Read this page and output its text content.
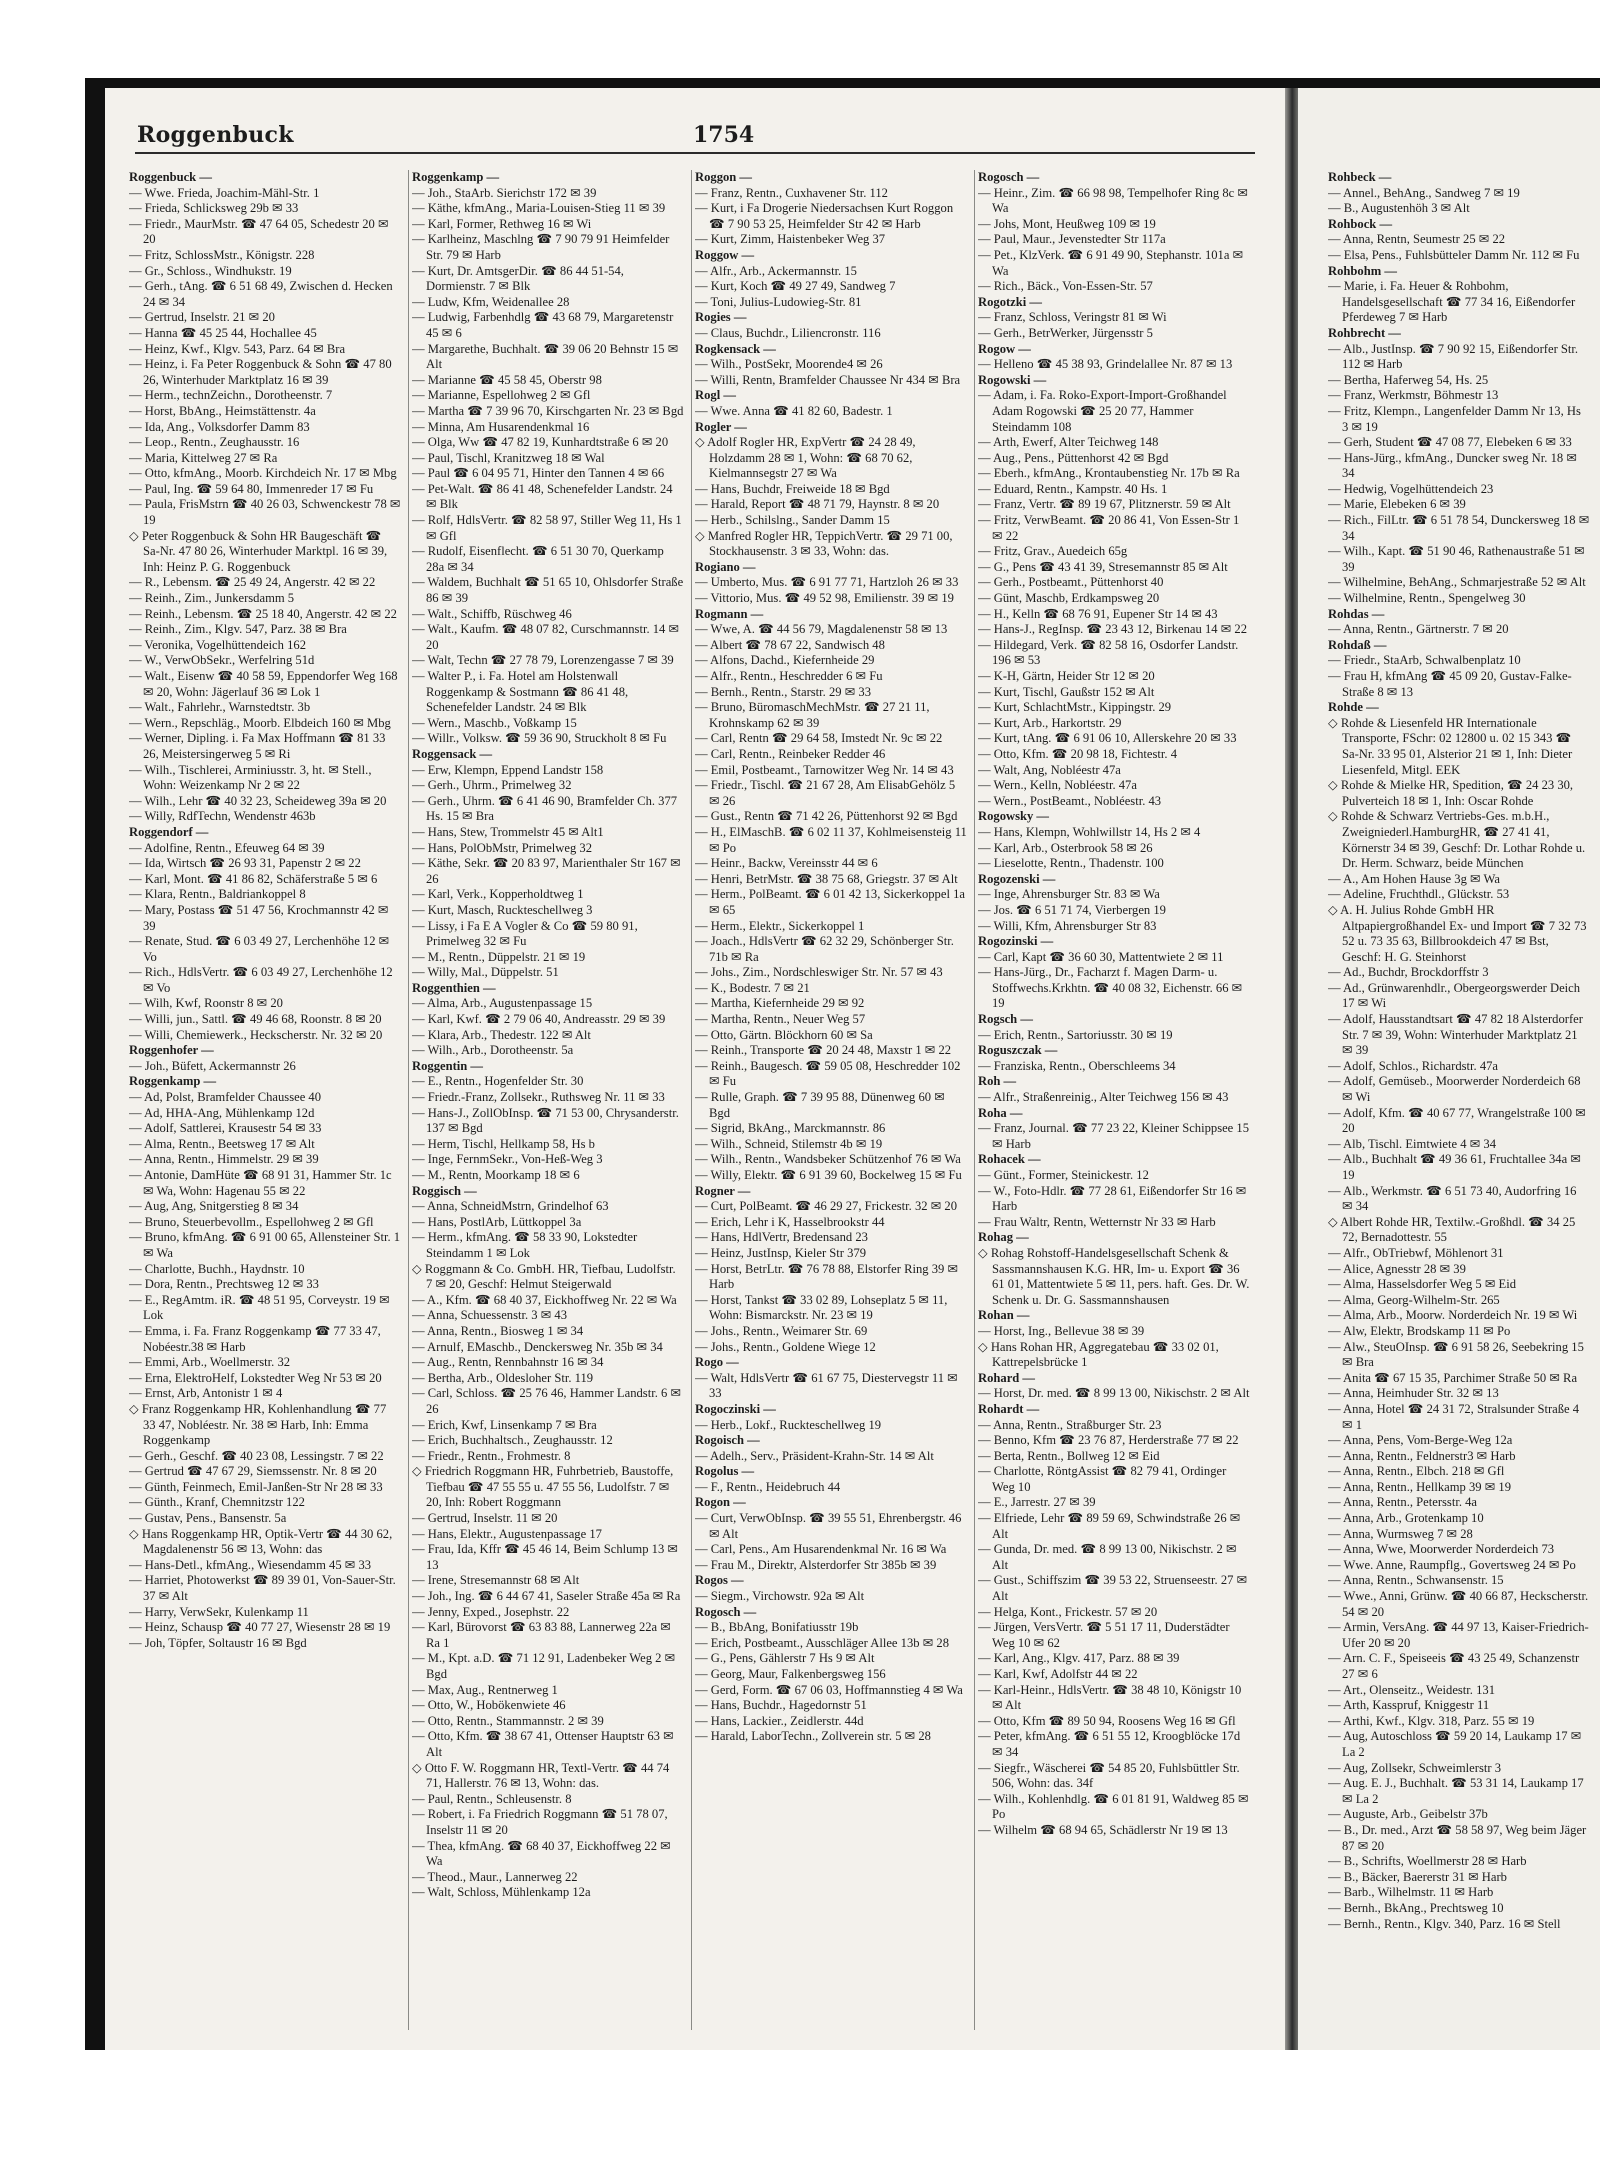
Roggenbuck	1754
Roggenbuck —
— Wwe. Frieda, Joachim-Mähl-Str. 1
— Frieda, Schlicksweg 29b ✉ 33
— Friedr., MaurMstr. ☎ 47 64 05, Schedestr 20 ✉ 20
— Fritz, SchlossMstr., Königstr. 228
— Gr., Schloss., Windhukstr. 19
— Gerh., tAng. ☎ 6 51 68 49, Zwischen d. Hecken 24 ✉ 34
— Gertrud, Inselstr. 21 ✉ 20
— Hanna ☎ 45 25 44, Hochallee 45
— Heinz, Kwf., Klgv. 543, Parz. 64 ✉ Bra
— Heinz, i. Fa Peter Roggenbuck & Sohn ☎ 47 80 26, Winterhuder Marktplatz 16 ✉ 39
— Herm., technZeichn., Dorotheenstr. 7
— Horst, BbAng., Heimstättenstr. 4a
— Ida, Ang., Volksdorfer Damm 83
— Leop., Rentn., Zeughausstr. 16
— Maria, Kittelweg 27 ✉ Ra
— Otto, kfmAng., Moorb. Kirchdeich Nr. 17 ✉ Mbg
— Paul, Ing. ☎ 59 64 80, Immenreder 17 ✉ Fu
— Paula, FrisMstrn ☎ 40 26 03, Schwenckestr 78 ✉ 19
◇ Peter Roggenbuck & Sohn HR Baugeschäft ☎ Sa-Nr. 47 80 26, Winterhuder Marktpl. 16 ✉ 39, Inh: Heinz P. G. Roggenbuck
— R., Lebensm. ☎ 25 49 24, Angerstr. 42 ✉ 22
— Reinh., Zim., Junkersdamm 5
— Reinh., Lebensm. ☎ 25 18 40, Angerstr. 42 ✉ 22
— Reinh., Zim., Klgv. 547, Parz. 38 ✉ Bra
— Veronika, Vogelhüttendeich 162
— W., VerwObSekr., Werfelring 51d
— Walt., Eisenw ☎ 40 58 59, Eppendorfer Weg 168 ✉ 20, Wohn: Jägerlauf 36 ✉ Lok 1
— Walt., Fahrlehr., Warnstedtstr. 3b
— Wern., Repschläg., Moorb. Elbdeich 160 ✉ Mbg
— Werner, Dipling. i. Fa Max Hoffmann ☎ 81 33 26, Meistersingerweg 5 ✉ Ri
— Wilh., Tischlerei, Arminiusstr. 3, ht. ✉ Stell., Wohn: Weizenkamp Nr 2 ✉ 22
— Wilh., Lehr ☎ 40 32 23, Scheideweg 39a ✉ 20
— Willy, RdfTechn, Wendenstr 463b
Roggendorf —
— Adolfine, Rentn., Efeuweg 64 ✉ 39
— Ida, Wirtsch ☎ 26 93 31, Papenstr 2 ✉ 22
— Karl, Mont. ☎ 41 86 82, Schäferstraße 5 ✉ 6
— Klara, Rentn., Baldriankoppel 8
— Mary, Postass ☎ 51 47 56, Krochmannstr 42 ✉ 39
— Renate, Stud. ☎ 6 03 49 27, Lerchenhöhe 12 ✉ Vo
— Rich., HdlsVertr. ☎ 6 03 49 27, Lerchenhöhe 12 ✉ Vo
— Wilh, Kwf, Roonstr 8 ✉ 20
— Willi, jun., Sattl. ☎ 49 46 68, Roonstr. 8 ✉ 20
— Willi, Chemiewerk., Heckscherstr. Nr. 32 ✉ 20
Roggenhofer —
— Joh., Büfett, Ackermannstr 26
Roggenkamp —
— Ad, Polst, Bramfelder Chaussee 40
— Ad, HHA-Ang, Mühlenkamp 12d
— Adolf, Sattlerei, Krausestr 54 ✉ 33
— Alma, Rentn., Beetsweg 17 ✉ Alt
— Anna, Rentn., Himmelstr. 29 ✉ 39
— Antonie, DamHüte ☎ 68 91 31, Hammer Str. 1c ✉ Wa, Wohn: Hagenau 55 ✉ 22
— Aug, Ang, Snitgerstieg 8 ✉ 34
— Bruno, Steuerbevollm., Espellohweg 2 ✉ Gfl
— Bruno, kfmAng. ☎ 6 91 00 65, Allensteiner Str. 1 ✉ Wa
— Charlotte, Buchh., Haydnstr. 10
— Dora, Rentn., Prechtsweg 12 ✉ 33
— E., RegAmtm. iR. ☎ 48 51 95, Corveystr. 19 ✉ Lok
— Emma, i. Fa. Franz Roggenkamp ☎ 77 33 47, Nobéestr.38 ✉ Harb
— Emmi, Arb., Woellmerstr. 32
— Erna, ElektroHelf, Lokstedter Weg Nr 53 ✉ 20
— Ernst, Arb, Antonistr 1 ✉ 4
◇ Franz Roggenkamp HR, Kohlenhandlung ☎ 77 33 47, Nobléestr. Nr. 38 ✉ Harb, Inh: Emma Roggenkamp
— Gerh., Geschf. ☎ 40 23 08, Lessingstr. 7 ✉ 22
— Gertrud ☎ 47 67 29, Siemssenstr. Nr. 8 ✉ 20
— Günth, Feinmech, Emil-Janßen-Str Nr 28 ✉ 33
— Günth., Kranf, Chemnitzstr 122
— Gustav, Pens., Bansenstr. 5a
◇ Hans Roggenkamp HR, Optik-Vertr ☎ 44 30 62, Magdalenenstr 56 ✉ 13, Wohn: das
— Hans-Detl., kfmAng., Wiesendamm 45 ✉ 33
— Harriet, Photowerkst ☎ 89 39 01, Von-Sauer-Str. 37 ✉ Alt
— Harry, VerwSekr, Kulenkamp 11
— Heinz, Schausp ☎ 40 77 27, Wiesenstr 28 ✉ 19
— Joh, Töpfer, Soltaustr 16 ✉ Bgd
Roggenkamp —
— Joh., StaArb. Sierichstr 172 ✉ 39
— Käthe, kfmAng., Maria-Louisen-Stieg 11 ✉ 39
— Karl, Former, Rethweg 16 ✉ Wi
— Karlheinz, Maschlng ☎ 7 90 79 91 Heimfelder Str. 79 ✉ Harb
— Kurt, Dr. AmtsgerDir. ☎ 86 44 51-54, Dormienstr. 7 ✉ Blk
— Ludw, Kfm, Weidenallee 28
— Ludwig, Farbenhdlg ☎ 43 68 79, Margaretenstr 45 ✉ 6
— Margarethe, Buchhalt. ☎ 39 06 20 Behnstr 15 ✉ Alt
— Marianne ☎ 45 58 45, Oberstr 98
— Marianne, Espellohweg 2 ✉ Gfl
— Martha ☎ 7 39 96 70, Kirschgarten Nr. 23 ✉ Bgd
— Minna, Am Husarendenkmal 16
— Olga, Ww ☎ 47 82 19, Kunhardtstraße 6 ✉ 20
— Paul, Tischl, Kranitzweg 18 ✉ Wal
— Paul ☎ 6 04 95 71, Hinter den Tannen 4 ✉ 66
— Pet-Walt. ☎ 86 41 48, Schenefelder Landstr. 24 ✉ Blk
— Rolf, HdlsVertr. ☎ 82 58 97, Stiller Weg 11, Hs 1 ✉ Gfl
— Rudolf, Eisenflecht. ☎ 6 51 30 70, Querkamp 28a ✉ 34
— Waldem, Buchhalt ☎ 51 65 10, Ohlsdorfer Straße 86 ✉ 39
— Walt., Schiffb, Rüschweg 46
— Walt., Kaufm. ☎ 48 07 82, Curschmannstr. 14 ✉ 20
— Walt, Techn ☎ 27 78 79, Lorenzengasse 7 ✉ 39
— Walter P., i. Fa. Hotel am Holstenwall Roggenkamp & Sostmann ☎ 86 41 48, Schenefelder Landstr. 24 ✉ Blk
— Wern., Maschb., Voßkamp 15
— Willr., Volksw. ☎ 59 36 90, Struckholt 8 ✉ Fu
Roggensack —
— Erw, Klempn, Eppend Landstr 158
— Gerh., Uhrm., Primelweg 32
— Gerh., Uhrm. ☎ 6 41 46 90, Bramfelder Ch. 377 Hs. 15 ✉ Bra
— Hans, Stew, Trommelstr 45 ✉ Alt1
— Hans, PolObMstr, Primelweg 32
— Käthe, Sekr. ☎ 20 83 97, Marienthaler Str 167 ✉ 26
— Karl, Verk., Kopperholdtweg 1
— Kurt, Masch, Ruckteschellweg 3
— Lissy, i Fa E A Vogler & Co ☎ 59 80 91, Primelweg 32 ✉ Fu
— M., Rentn., Düppelstr. 21 ✉ 19
— Willy, Mal., Düppelstr. 51
Roggenthien —
— Alma, Arb., Augustenpassage 15
— Karl, Kwf. ☎ 2 79 06 40, Andreasstr. 29 ✉ 39
— Klara, Arb., Thedestr. 122 ✉ Alt
— Wilh., Arb., Dorotheenstr. 5a
Roggentin —
— E., Rentn., Hogenfelder Str. 30
— Friedr.-Franz, Zollsekr., Ruthsweg Nr. 11 ✉ 33
— Hans-J., ZollObInsp. ☎ 71 53 00, Chrysanderstr. 137 ✉ Bgd
— Herm, Tischl, Hellkamp 58, Hs b
— Inge, FernmSekr., Von-Heß-Weg 3
— M., Rentn, Moorkamp 18 ✉ 6
Roggisch —
— Anna, SchneidMstrn, Grindelhof 63
— Hans, PostlArb, Lüttkoppel 3a
— Herm., kfmAng. ☎ 58 33 90, Lokstedter Steindamm 1 ✉ Lok
◇ Roggmann & Co. GmbH. HR, Tiefbau, Ludolfstr. 7 ✉ 20, Geschf: Helmut Steigerwald
— A., Kfm. ☎ 68 40 37, Eickhoffweg Nr. 22 ✉ Wa
— Anna, Schuessenstr. 3 ✉ 43
— Anna, Rentn., Biosweg 1 ✉ 34
— Arnulf, EMaschb., Denckersweg Nr. 35b ✉ 34
— Aug., Rentn, Rennbahnstr 16 ✉ 34
— Bertha, Arb., Oldesloher Str. 119
— Carl, Schloss. ☎ 25 76 46, Hammer Landstr. 6 ✉ 26
— Erich, Kwf, Linsenkamp 7 ✉ Bra
— Erich, Buchhaltsch., Zeughausstr. 12
— Friedr., Rentn., Frohmestr. 8
◇ Friedrich Roggmann HR, Fuhrbetrieb, Baustoffe, Tiefbau ☎ 47 55 55 u. 47 55 56, Ludolfstr. 7 ✉ 20, Inh: Robert Roggmann
— Gertrud, Inselstr. 11 ✉ 20
— Hans, Elektr., Augustenpassage 17
— Frau, Ida, Kffr ☎ 45 46 14, Beim Schlump 13 ✉ 13
— Irene, Stresemannstr 68 ✉ Alt
— Joh., Ing. ☎ 6 44 67 41, Saseler Straße 45a ✉ Ra
— Jenny, Exped., Josephstr. 22
— Karl, Bürovorst ☎ 63 83 88, Lannerweg 22a ✉ Ra 1
— M., Kpt. a.D. ☎ 71 12 91, Ladenbeker Weg 2 ✉ Bgd
— Max, Aug., Rentnerweg 1
— Otto, W., Hobökenwiete 46
— Otto, Rentn., Stammannstr. 2 ✉ 39
— Otto, Kfm. ☎ 38 67 41, Ottenser Hauptstr 63 ✉ Alt
◇ Otto F. W. Roggmann HR, Textl-Vertr. ☎ 44 74 71, Hallerstr. 76 ✉ 13, Wohn: das.
— Paul, Rentn., Schleusenstr. 8
— Robert, i. Fa Friedrich Roggmann ☎ 51 78 07, Inselstr 11 ✉ 20
— Thea, kfmAng. ☎ 68 40 37, Eickhoffweg 22 ✉ Wa
— Theod., Maur., Lannerweg 22
— Walt, Schloss, Mühlenkamp 12a
Roggon —
— Franz, Rentn., Cuxhavener Str. 112
— Kurt, i Fa Drogerie Niedersachsen Kurt Roggon ☎ 7 90 53 25, Heimfelder Str 42 ✉ Harb
— Kurt, Zimm, Haistenbeker Weg 37
Roggow —
— Alfr., Arb., Ackermannstr. 15
— Kurt, Koch ☎ 49 27 49, Sandweg 7
— Toni, Julius-Ludowieg-Str. 81
Rogies —
— Claus, Buchdr., Liliencronstr. 116
Rogkensack —
— Wilh., PostSekr, Moorende4 ✉ 26
— Willi, Rentn, Bramfelder Chaussee Nr 434 ✉ Bra
Rogl —
— Wwe. Anna ☎ 41 82 60, Badestr. 1
Rogler —
◇ Adolf Rogler HR, ExpVertr ☎ 24 28 49, Holzdamm 28 ✉ 1, Wohn: ☎ 68 70 62, Kielmannsegstr 27 ✉ Wa
— Hans, Buchdr, Freiweide 18 ✉ Bgd
— Harald, Report ☎ 48 71 79, Haynstr. 8 ✉ 20
— Herb., Schilslng., Sander Damm 15
◇ Manfred Rogler HR, TeppichVertr. ☎ 29 71 00, Stockhausenstr. 3 ✉ 33, Wohn: das.
Rogiano —
— Umberto, Mus. ☎ 6 91 77 71, Hartzloh 26 ✉ 33
— Vittorio, Mus. ☎ 49 52 98, Emilienstr. 39 ✉ 19
Rogmann —
— Wwe, A. ☎ 44 56 79, Magdalenenstr 58 ✉ 13
— Albert ☎ 78 67 22, Sandwisch 48
— Alfons, Dachd., Kiefernheide 29
— Alfr., Rentn., Heschredder 6 ✉ Fu
— Bernh., Rentn., Starstr. 29 ✉ 33
— Bruno, BüromaschMechMstr. ☎ 27 21 11, Krohnskamp 62 ✉ 39
— Carl, Rentn ☎ 29 64 58, Imstedt Nr. 9c ✉ 22
— Carl, Rentn., Reinbeker Redder 46
— Emil, Postbeamt., Tarnowitzer Weg Nr. 14 ✉ 43
— Friedr., Tischl. ☎ 21 67 28, Am ElisabGehölz 5 ✉ 26
— Gust., Rentn ☎ 71 42 26, Püttenhorst 92 ✉ Bgd
— H., ElMaschB. ☎ 6 02 11 37, Kohlmeisensteig 11 ✉ Po
— Heinr., Backw, Vereinsstr 44 ✉ 6
— Henri, BetrMstr. ☎ 38 75 68, Griegstr. 37 ✉ Alt
— Herm., PolBeamt. ☎ 6 01 42 13, Sickerkoppel 1a ✉ 65
— Herm., Elektr., Sickerkoppel 1
— Joach., HdlsVertr ☎ 62 32 29, Schönberger Str. 71b ✉ Ra
— Johs., Zim., Nordschleswiger Str. Nr. 57 ✉ 43
— K., Bodestr. 7 ✉ 21
— Martha, Kiefernheide 29 ✉ 92
— Martha, Rentn., Neuer Weg 57
— Otto, Gärtn. Blöckhorn 60 ✉ Sa
— Reinh., Transporte ☎ 20 24 48, Maxstr 1 ✉ 22
— Reinh., Baugesch. ☎ 59 05 08, Heschredder 102 ✉ Fu
— Rulle, Graph. ☎ 7 39 95 88, Dünenweg 60 ✉ Bgd
— Sigrid, BkAng., Marckmannstr. 86
— Wilh., Schneid, Stilemstr 4b ✉ 19
— Wilh., Rentn., Wandsbeker Schützenhof 76 ✉ Wa
— Willy, Elektr. ☎ 6 91 39 60, Bockelweg 15 ✉ Fu
Rogner —
— Curt, PolBeamt. ☎ 46 29 27, Frickestr. 32 ✉ 20
— Erich, Lehr i K, Hasselbrookstr 44
— Hans, HdlVertr, Bredensand 23
— Heinz, JustInsp, Kieler Str 379
— Horst, BetrLtr. ☎ 76 78 88, Elstorfer Ring 39 ✉ Harb
— Horst, Tankst ☎ 33 02 89, Lohseplatz 5 ✉ 11, Wohn: Bismarckstr. Nr. 23 ✉ 19
— Johs., Rentn., Weimarer Str. 69
— Johs., Rentn., Goldene Wiege 12
Rogo —
— Walt, HdlsVertr ☎ 61 67 75, Diestervegstr 11 ✉ 33
Rogoczinski —
— Herb., Lokf., Ruckteschellweg 19
Rogoisch —
— Adelh., Serv., Präsident-Krahn-Str. 14 ✉ Alt
Rogolus —
— F., Rentn., Heidebruch 44
Rogon —
— Curt, VerwObInsp. ☎ 39 55 51, Ehrenbergstr. 46 ✉ Alt
— Carl, Pens., Am Husarendenkmal Nr. 16 ✉ Wa
— Frau M., Direktr, Alsterdorfer Str 385b ✉ 39
Rogos —
— Siegm., Virchowstr. 92a ✉ Alt
Rogosch —
— B., BbAng, Bonifatiusstr 19b
— Erich, Postbeamt., Ausschläger Allee 13b ✉ 28
— G., Pens, Gählerstr 7 Hs 9 ✉ Alt
— Georg, Maur, Falkenbergsweg 156
— Gerd, Form. ☎ 67 06 03, Hoffmannstieg 4 ✉ Wa
— Hans, Buchdr., Hagedornstr 51
— Hans, Lackier., Zeidlerstr. 44d
— Harald, LaborTechn., Zollverein str. 5 ✉ 28
Rogosch —
— Heinr., Zim. ☎ 66 98 98, Tempelhofer Ring 8c ✉ Wa
— Johs, Mont, Heußweg 109 ✉ 19
— Paul, Maur., Jevenstedter Str 117a
— Pet., KlzVerk. ☎ 6 91 49 90, Stephanstr. 101a ✉ Wa
— Rich., Bäck., Von-Essen-Str. 57
Rogotzki —
— Franz, Schloss, Veringstr 81 ✉ Wi
— Gerh., BetrWerker, Jürgensstr 5
Rogow —
— Helleno ☎ 45 38 93, Grindelallee Nr. 87 ✉ 13
Rogowski —
— Adam, i. Fa. Roko-Export-Import-Großhandel Adam Rogowski ☎ 25 20 77, Hammer Steindamm 108
— Arth, Ewerf, Alter Teichweg 148
— Aug., Pens., Püttenhorst 42 ✉ Bgd
— Eberh., kfmAng., Krontaubenstieg Nr. 17b ✉ Ra
— Eduard, Rentn., Kampstr. 40 Hs. 1
— Franz, Vertr. ☎ 89 19 67, Plitznerstr. 59 ✉ Alt
— Fritz, VerwBeamt. ☎ 20 86 41, Von Essen-Str 1 ✉ 22
— Fritz, Grav., Auedeich 65g
— G., Pens ☎ 43 41 39, Stresemannstr 85 ✉ Alt
— Gerh., Postbeamt., Püttenhorst 40
— Günt, Maschb, Erdkampsweg 20
— H., Kelln ☎ 68 76 91, Eupener Str 14 ✉ 43
— Hans-J., RegInsp. ☎ 23 43 12, Birkenau 14 ✉ 22
— Hildegard, Verk. ☎ 82 58 16, Osdorfer Landstr. 196 ✉ 53
— K-H, Gärtn, Heider Str 12 ✉ 20
— Kurt, Tischl, Gaußstr 152 ✉ Alt
— Kurt, SchlachtMstr., Kippingstr. 29
— Kurt, Arb., Harkortstr. 29
— Kurt, tAng. ☎ 6 91 06 10, Allerskehre 20 ✉ 33
— Otto, Kfm. ☎ 20 98 18, Fichtestr. 4
— Walt, Ang, Nobléestr 47a
— Wern., Kelln, Nobléestr. 47a
— Wern., PostBeamt., Nobléestr. 43
Rogowsky —
— Hans, Klempn, Wohlwillstr 14, Hs 2 ✉ 4
— Karl, Arb., Osterbrook 58 ✉ 26
— Lieselotte, Rentn., Thadenstr. 100
Rogozenski —
— Inge, Ahrensburger Str. 83 ✉ Wa
— Jos. ☎ 6 51 71 74, Vierbergen 19
— Willi, Kfm, Ahrensburger Str 83
Rogozinski —
— Carl, Kapt ☎ 36 60 30, Mattentwiete 2 ✉ 11
— Hans-Jürg., Dr., Facharzt f. Magen Darm- u. Stoffwechs.Krkhtn. ☎ 40 08 32, Eichenstr. 66 ✉ 19
Rogsch —
— Erich, Rentn., Sartoriusstr. 30 ✉ 19
Roguszczak —
— Franziska, Rentn., Oberschleems 34
Roh —
— Alfr., Straßenreinig., Alter Teichweg 156 ✉ 43
Roha —
— Franz, Journal. ☎ 77 23 22, Kleiner Schippsee 15 ✉ Harb
Rohacek —
— Günt., Former, Steinickestr. 12
— W., Foto-Hdlr. ☎ 77 28 61, Eißendorfer Str 16 ✉ Harb
— Frau Waltr, Rentn, Wetternstr Nr 33 ✉ Harb
Rohag —
◇ Rohag Rohstoff-Handelsgesellschaft Schenk & Sassmannshausen K.G. HR, Im- u. Export ☎ 36 61 01, Mattentwiete 5 ✉ 11, pers. haft. Ges. Dr. W. Schenk u. Dr. G. Sassmannshausen
Rohan —
— Horst, Ing., Bellevue 38 ✉ 39
◇ Hans Rohan HR, Aggregatebau ☎ 33 02 01, Kattrepelsbrücke 1
Rohard —
— Horst, Dr. med. ☎ 8 99 13 00, Nikischstr. 2 ✉ Alt
Rohardt —
— Anna, Rentn., Straßburger Str. 23
— Benno, Kfm ☎ 23 76 87, Herderstraße 77 ✉ 22
— Berta, Rentn., Bollweg 12 ✉ Eid
— Charlotte, RöntgAssist ☎ 82 79 41, Ordinger Weg 10
— E., Jarrestr. 27 ✉ 39
— Elfriede, Lehr ☎ 89 59 69, Schwindstraße 26 ✉ Alt
— Gunda, Dr. med. ☎ 8 99 13 00, Nikischstr. 2 ✉ Alt
— Gust., Schiffszim ☎ 39 53 22, Struenseestr. 27 ✉ Alt
— Helga, Kont., Frickestr. 57 ✉ 20
— Jürgen, VersVertr. ☎ 5 51 17 11, Duderstädter Weg 10 ✉ 62
— Karl, Ang., Klgv. 417, Parz. 88 ✉ 39
— Karl, Kwf, Adolfstr 44 ✉ 22
— Karl-Heinr., HdlsVertr. ☎ 38 48 10, Königstr 10 ✉ Alt
— Otto, Kfm ☎ 89 50 94, Roosens Weg 16 ✉ Gfl
— Peter, kfmAng. ☎ 6 51 55 12, Kroogblöcke 17d ✉ 34
— Siegfr., Wäscherei ☎ 54 85 20, Fuhlsbüttler Str. 506, Wohn: das. 34f
— Wilh., Kohlenhdlg. ☎ 6 01 81 91, Waldweg 85 ✉ Po
— Wilhelm ☎ 68 94 65, Schädlerstr Nr 19 ✉ 13
Rohbeck —
— Annel., BehAng., Sandweg 7 ✉ 19
— B., Augustenhöh 3 ✉ Alt
Rohbock —
— Anna, Rentn, Seumestr 25 ✉ 22
— Elsa, Pens., Fuhlsbütteler Damm Nr. 112 ✉ Fu
Rohbohm —
— Marie, i. Fa. Heuer & Rohbohm, Handelsgesellschaft ☎ 77 34 16, Eißendorfer Pferdeweg 7 ✉ Harb
Rohbrecht —
— Alb., JustInsp. ☎ 7 90 92 15, Eißendorfer Str. 112 ✉ Harb
— Bertha, Haferweg 54, Hs. 25
— Franz, Werkmstr, Böhmestr 13
— Fritz, Klempn., Langenfelder Damm Nr 13, Hs 3 ✉ 19
— Gerh, Student ☎ 47 08 77, Elebeken 6 ✉ 33
— Hans-Jürg., kfmAng., Duncker sweg Nr. 18 ✉ 34
— Hedwig, Vogelhüttendeich 23
— Marie, Elebeken 6 ✉ 39
— Rich., FilLtr. ☎ 6 51 78 54, Dunckersweg 18 ✉ 34
— Wilh., Kapt. ☎ 51 90 46, Rathenaustraße 51 ✉ 39
— Wilhelmine, BehAng., Schmarjestraße 52 ✉ Alt
— Wilhelmine, Rentn., Spengelweg 30
Rohdas —
— Anna, Rentn., Gärtnerstr. 7 ✉ 20
Rohdaß —
— Friedr., StaArb, Schwalbenplatz 10
— Frau H, kfmAng ☎ 45 09 20, Gustav-Falke-Straße 8 ✉ 13
Rohde —
◇ Rohde & Liesenfeld HR Internationale Transporte, FSchr: 02 12800 u. 02 15 343 ☎ Sa-Nr. 33 95 01, Alsterior 21 ✉ 1, Inh: Dieter Liesenfeld, Mitgl. EEK
◇ Rohde & Mielke HR, Spedition, ☎ 24 23 30, Pulverteich 18 ✉ 1, Inh: Oscar Rohde
◇ Rohde & Schwarz Vertriebs-Ges. m.b.H., Zweigniederl.HamburgHR, ☎ 27 41 41, Körnerstr 34 ✉ 39, Geschf: Dr. Lothar Rohde u. Dr. Herm. Schwarz, beide München
— A., Am Hohen Hause 3g ✉ Wa
— Adeline, Fruchthdl., Glückstr. 53
◇ A. H. Julius Rohde GmbH HR Altpapiergroßhandel Ex- und Import ☎ 7 32 73 52 u. 73 35 63, Billbrookdeich 47 ✉ Bst, Geschf: H. G. Steinhorst
— Ad., Buchdr, Brockdorffstr 3
— Ad., Grünwarenhdlr., Obergeorgswerder Deich 17 ✉ Wi
— Adolf, Hausstandtsart ☎ 47 82 18 Alsterdorfer Str. 7 ✉ 39, Wohn: Winterhuder Marktplatz 21 ✉ 39
— Adolf, Schlos., Richardstr. 47a
— Adolf, Gemüseb., Moorwerder Norderdeich 68 ✉ Wi
— Adolf, Kfm. ☎ 40 67 77, Wrangelstraße 100 ✉ 20
— Alb, Tischl. Eimtwiete 4 ✉ 34
— Alb., Buchhalt ☎ 49 36 61, Fruchtallee 34a ✉ 19
— Alb., Werkmstr. ☎ 6 51 73 40, Audorfring 16 ✉ 34
◇ Albert Rohde HR, Textilw.-Großhdl. ☎ 34 25 72, Bernadottestr. 55
— Alfr., ObTriebwf, Möhlenort 31
— Alice, Agnesstr 28 ✉ 39
— Alma, Hasselsdorfer Weg 5 ✉ Eid
— Alma, Georg-Wilhelm-Str. 265
— Alma, Arb., Moorw. Norderdeich Nr. 19 ✉ Wi
— Alw, Elektr, Brodskamp 11 ✉ Po
— Alw., SteuOInsp. ☎ 6 91 58 26, Seebekring 15 ✉ Bra
— Anita ☎ 67 15 35, Parchimer Straße 50 ✉ Ra
— Anna, Heimhuder Str. 32 ✉ 13
— Anna, Hotel ☎ 24 31 72, Stralsunder Straße 4 ✉ 1
— Anna, Pens, Vom-Berge-Weg 12a
— Anna, Rentn., Feldnerstr3 ✉ Harb
— Anna, Rentn., Elbch. 218 ✉ Gfl
— Anna, Rentn., Hellkamp 39 ✉ 19
— Anna, Rentn., Petersstr. 4a
— Anna, Arb., Grotenkamp 10
— Anna, Wurmsweg 7 ✉ 28
— Anna, Wwe, Moorwerder Norderdeich 73
— Wwe. Anne, Raumpflg., Govertsweg 24 ✉ Po
— Anna, Rentn., Schwansenstr. 15
— Wwe., Anni, Grünw. ☎ 40 66 87, Heckscherstr. 54 ✉ 20
— Armin, VersAng. ☎ 44 97 13, Kaiser-Friedrich-Ufer 20 ✉ 20
— Arn. C. F., Speiseeis ☎ 43 25 49, Schanzenstr 27 ✉ 6
— Art., Olenseitz., Weidestr. 131
— Arth, Kasspruf, Kniggestr 11
— Arthi, Kwf., Klgv. 318, Parz. 55 ✉ 19
— Aug, Autoschloss ☎ 59 20 14, Laukamp 17 ✉ La 2
— Aug, Zollsekr, Schweimlerstr 3
— Aug. E. J., Buchhalt. ☎ 53 31 14, Laukamp 17 ✉ La 2
— Auguste, Arb., Geibelstr 37b
— B., Dr. med., Arzt ☎ 58 58 97, Weg beim Jäger 87 ✉ 20
— B., Schrifts, Woellmerstr 28 ✉ Harb
— B., Bäcker, Baererstr 31 ✉ Harb
— Barb., Wilhelmstr. 11 ✉ Harb
— Bernh., BkAng., Prechtsweg 10
— Bernh., Rentn., Klgv. 340, Parz. 16 ✉ Stell
